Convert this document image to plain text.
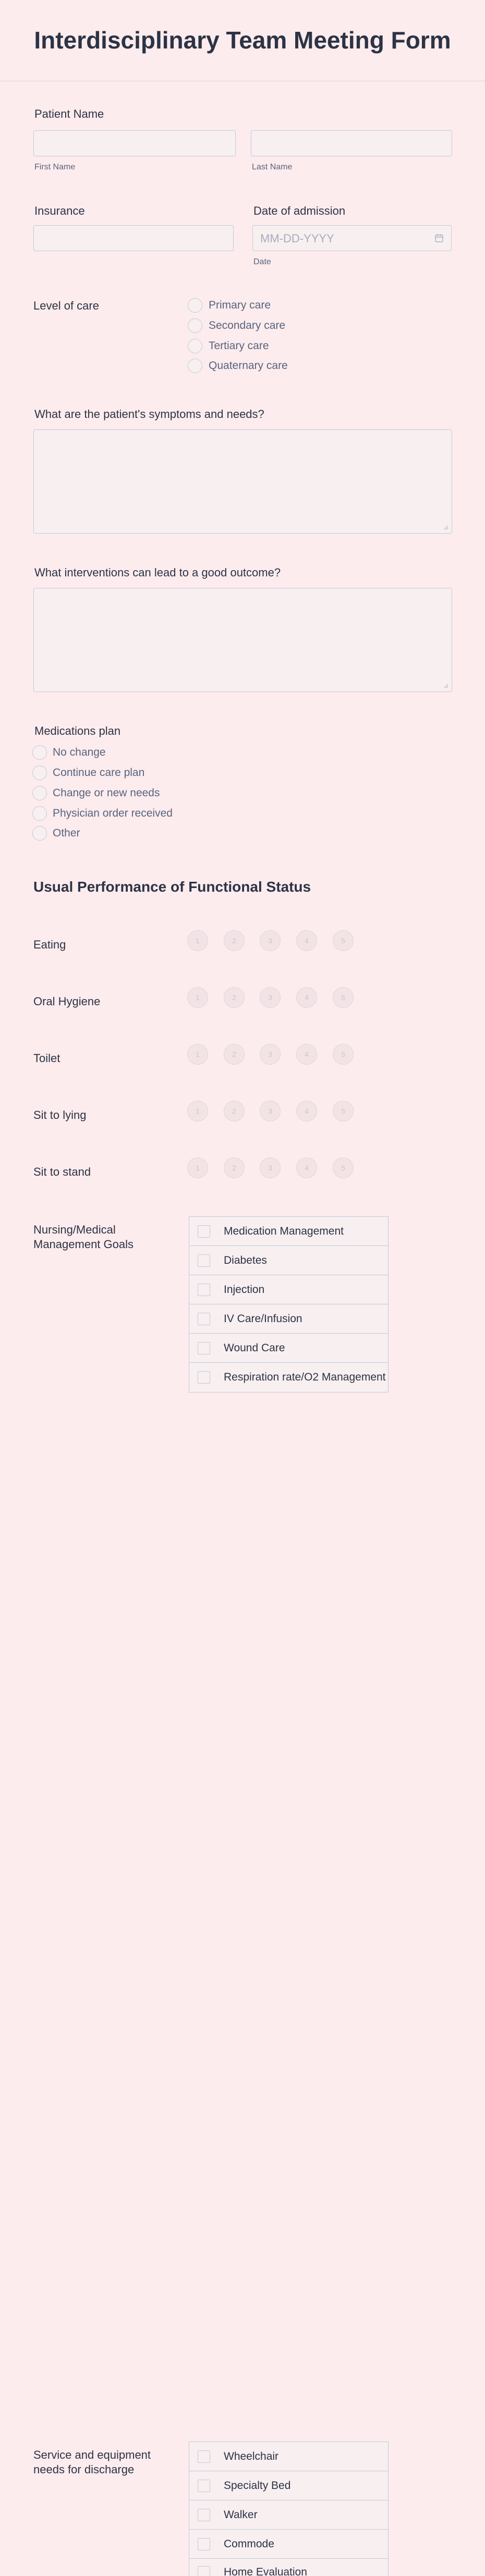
Interdisciplinary Team Meeting Form
Patient Name
First Name	Last Name
Insurance	Date of admission
MM-DD-YYYY
Date
Level of care	Primary care
Secondary care
Tertiary care
Quaternary care
What are the patient's symptoms and needs?
What interventions can lead to a good outcome?
Medications plan
No change
Continue care plan
Change or new needs
Physician order received
Other
Usual Performance of Functional Status
Eating	1	2	3	4	5
Oral Hygiene	1	2	3	4	5
Toilet	1	2	3	4	5
Sit to lying	1	2	3	4	5
Sit to stand	1	2	3	4	5
Nursing/Medical Management Goals
Medication Management
Diabetes
Injection
IV Care/Infusion
Wound Care
Respiration rate/O2 Management
Service and equipment needs for discharge
Wheelchair
Specialty Bed
Walker
Commode
Home Evaluation
